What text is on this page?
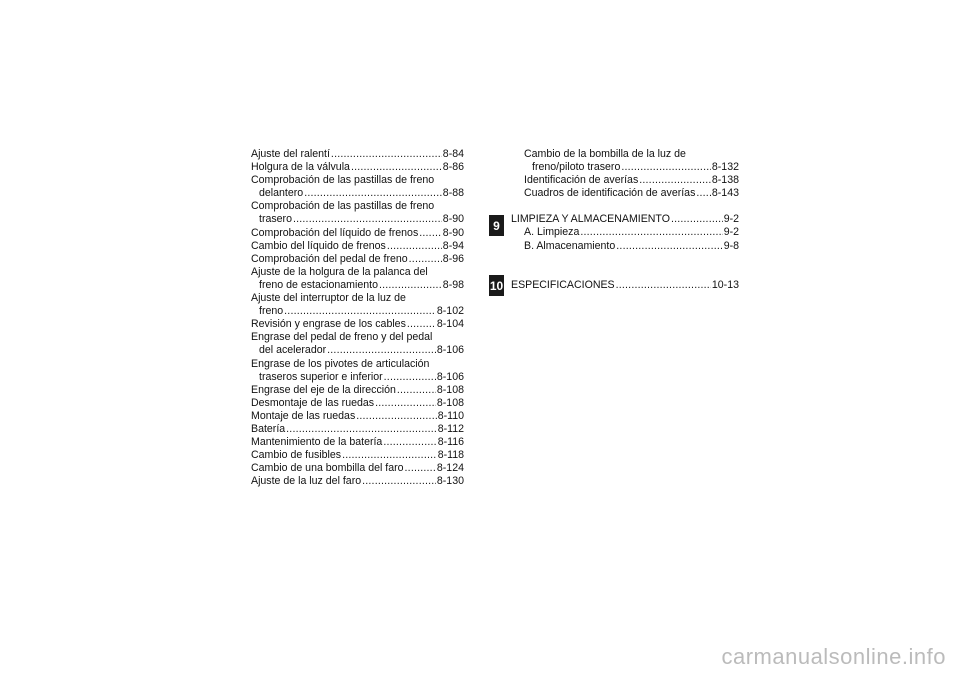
Ajuste del ralentí .....	8-84
Holgura de la válvula .....	8-86
Comprobación de las pastillas de freno
delantero .....	8-88
Comprobación de las pastillas de freno
trasero .....	8-90
Comprobación del líquido de frenos ..... 8-90
Cambio del líquido de frenos .....	8-94
Comprobación del pedal de freno .....	8-96
Ajuste de la holgura de la palanca del
freno de estacionamiento .....	8-98
Ajuste del interruptor de la luz de
freno .....	8-102
Revisión y engrase de los cables .....	8-104
Engrase del pedal de freno y del pedal
del acelerador .....	8-106
Engrase de los pivotes de articulación
traseros superior e inferior .....	8-106
Engrase del eje de la dirección .....	8-108
Desmontaje de las ruedas .....	8-108
Montaje de las ruedas .....	8-110
Batería .....	8-112
Mantenimiento de la batería .....	8-116
Cambio de fusibles .....	8-118
Cambio de una bombilla del faro .....	8-124
Ajuste de la luz del faro .....	8-130
Cambio de la bombilla de la luz de
freno/piloto trasero .....	8-132
Identificación de averías .....	8-138
Cuadros de identificación de averías ..... 8-143
LIMPIEZA Y ALMACENAMIENTO .....	9-2
A. Limpieza .....	9-2
B. Almacenamiento .....	9-8
ESPECIFICACIONES .....	10-13
9
10
carmanualsonline.info
